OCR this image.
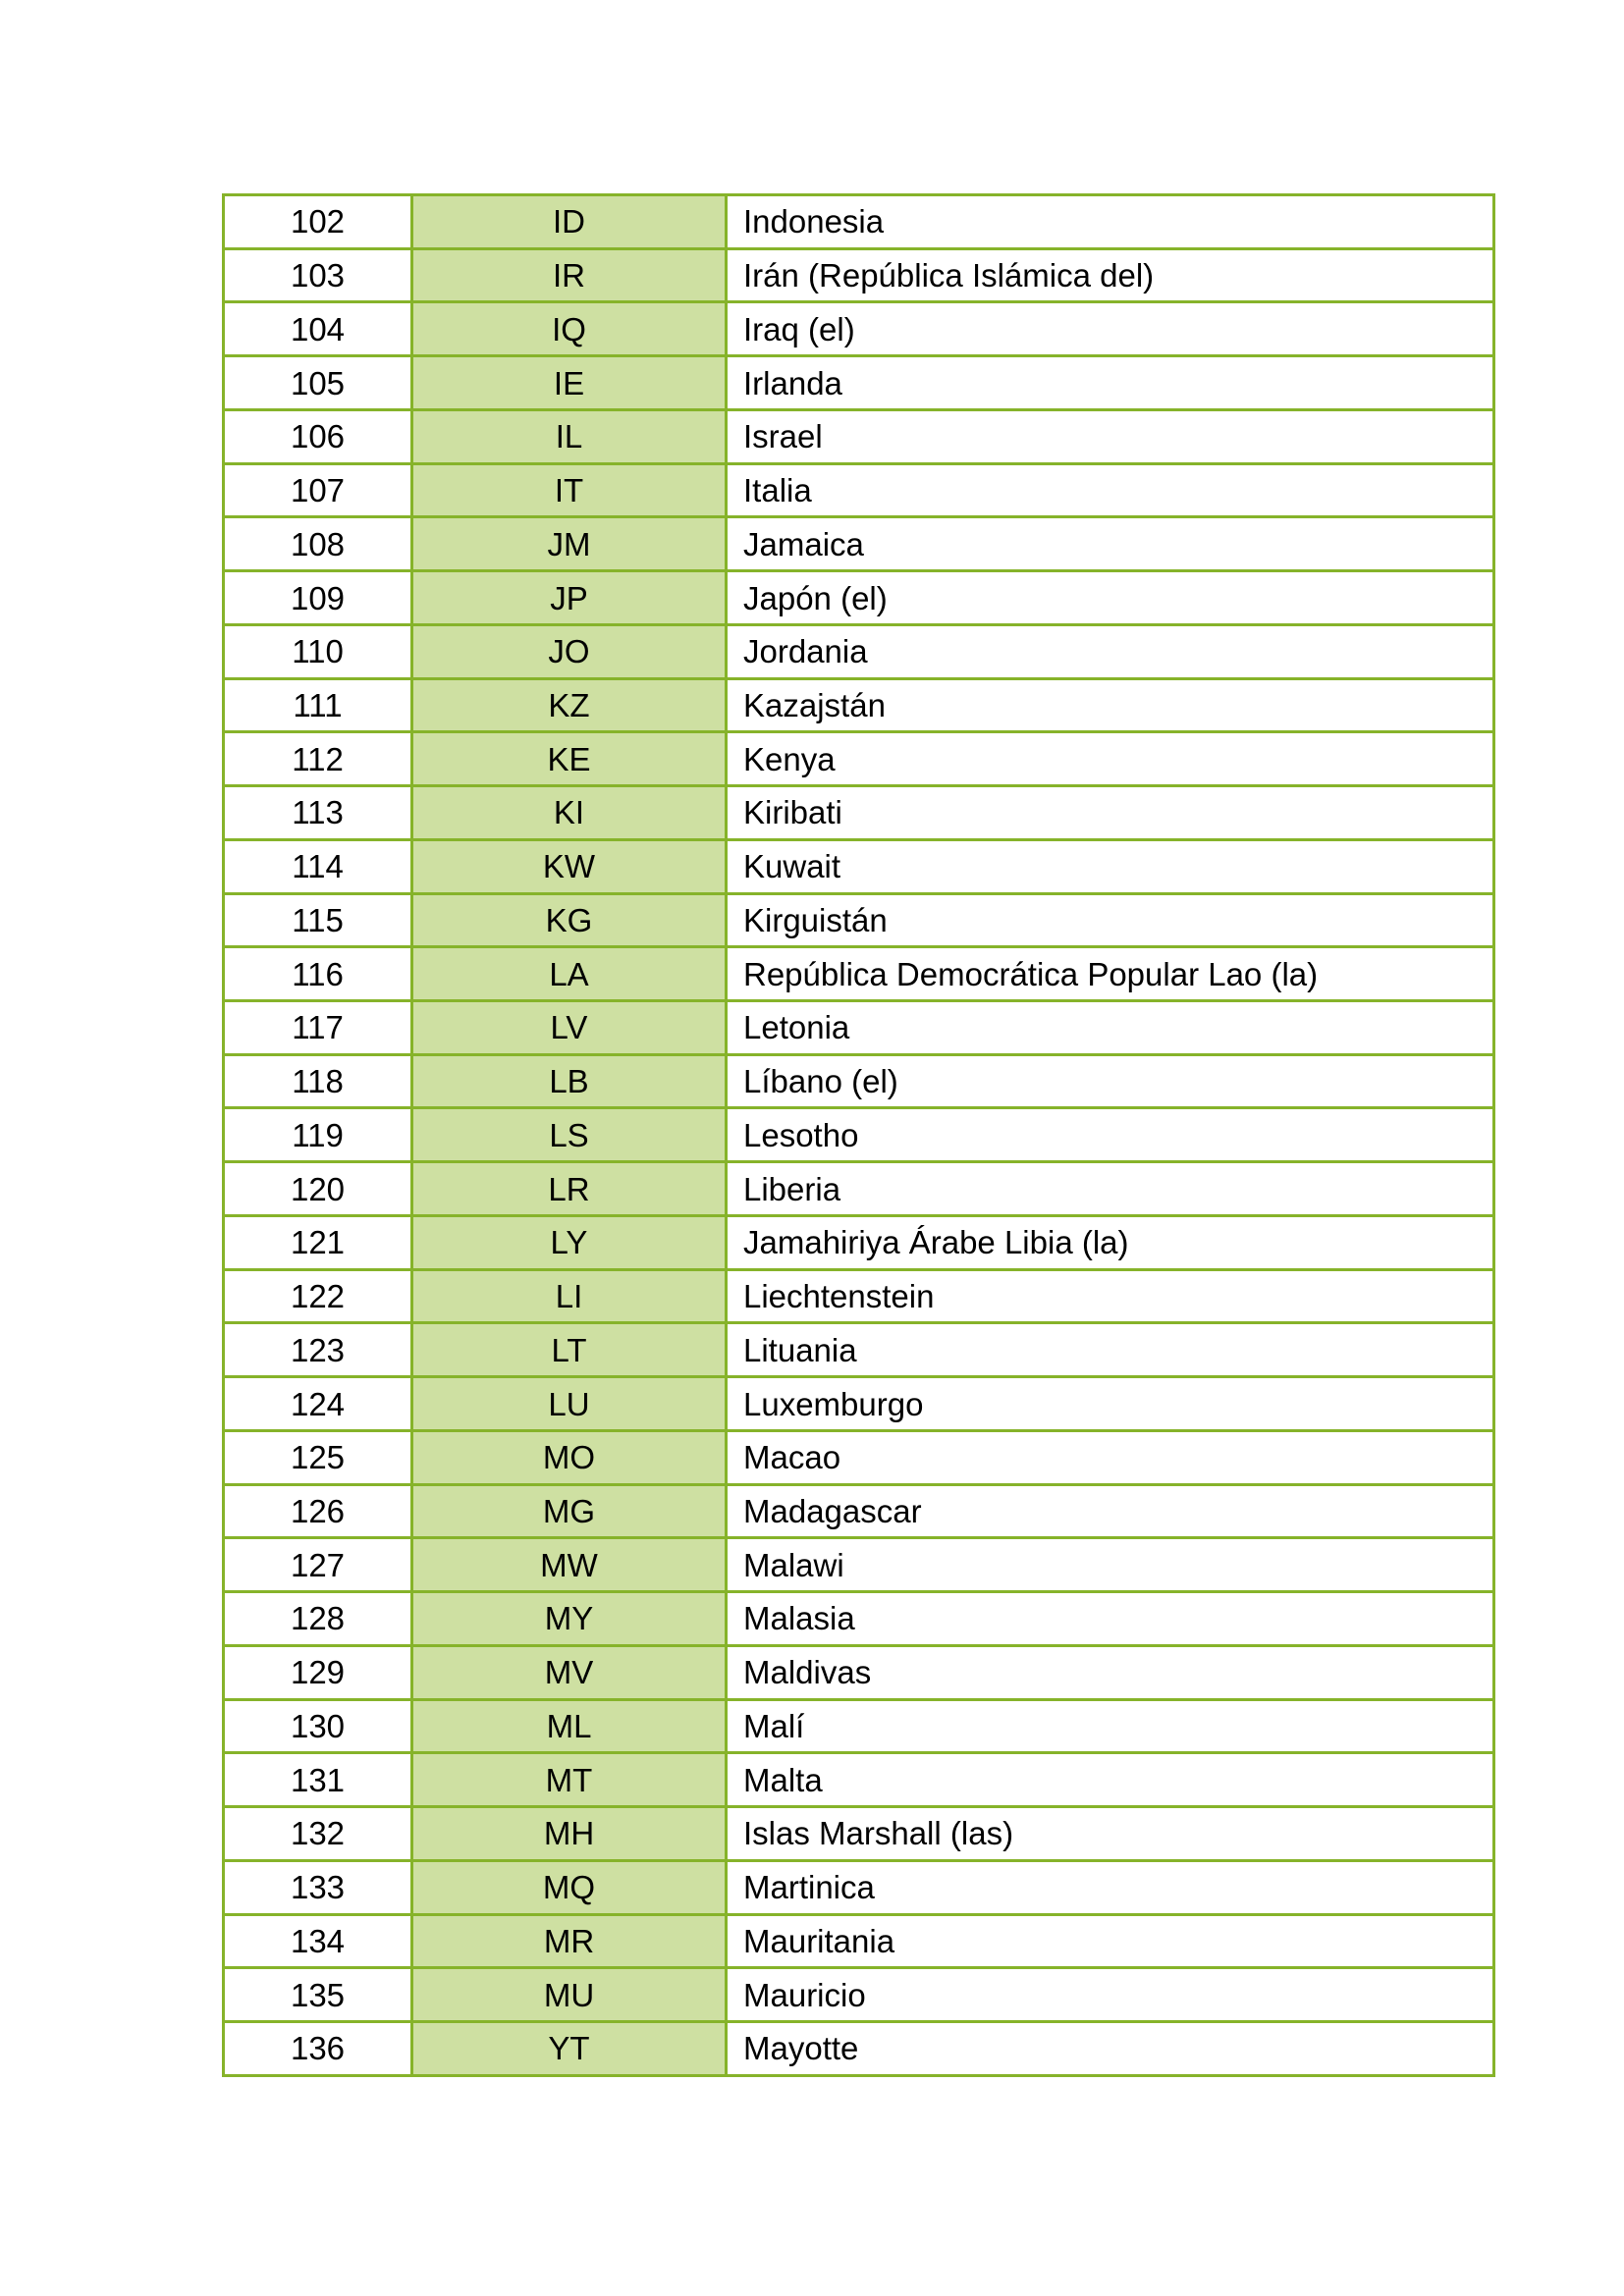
102	ID	Indonesia
103	IR	Irán (República Islámica del)
104	IQ	Iraq (el)
105	IE	Irlanda
106	IL	Israel
107	IT	Italia
108	JM	Jamaica
109	JP	Japón (el)
110	JO	Jordania
111	KZ	Kazajstán
112	KE	Kenya
113	KI	Kiribati
114	KW	Kuwait
115	KG	Kirguistán
116	LA	República Democrática Popular Lao (la)
117	LV	Letonia
118	LB	Líbano (el)
119	LS	Lesotho
120	LR	Liberia
121	LY	Jamahiriya Árabe Libia (la)
122	LI	Liechtenstein
123	LT	Lituania
124	LU	Luxemburgo
125	MO	Macao
126	MG	Madagascar
127	MW	Malawi
128	MY	Malasia
129	MV	Maldivas
130	ML	Malí
131	MT	Malta
132	MH	Islas Marshall (las)
133	MQ	Martinica
134	MR	Mauritania
135	MU	Mauricio
136	YT	Mayotte
